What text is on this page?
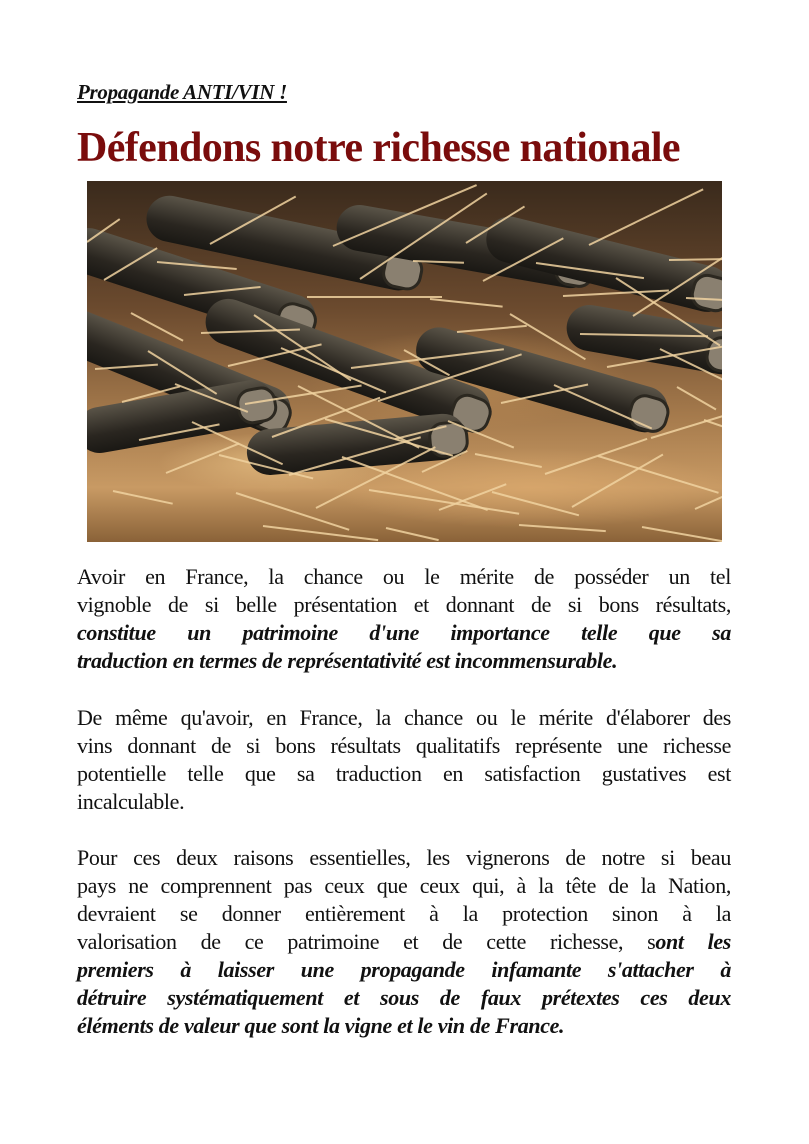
Propagande ANTI/VIN !
Défendons notre richesse nationale
Avoir en France, la chance ou le mérite de posséder un tel
vignoble de si belle présentation et donnant de si bons résultats,
constitue un patrimoine d'une importance telle que sa
traduction en termes de représentativité est incommensurable.
De même qu'avoir, en France, la chance ou le mérite d'élaborer des
vins donnant de si bons résultats qualitatifs représente une richesse
potentielle telle que sa traduction en satisfaction gustatives est
incalculable.
Pour ces deux raisons essentielles, les vignerons de notre si beau
pays ne comprennent pas ceux que ceux qui, à la tête de la Nation,
devraient se donner entièrement à la protection sinon à la
valorisation de ce patrimoine et de cette richesse, sont les
premiers à laisser une propagande infamante s'attacher à
détruire systématiquement et sous de faux prétextes ces deux
éléments de valeur que sont la vigne et le vin de France.
